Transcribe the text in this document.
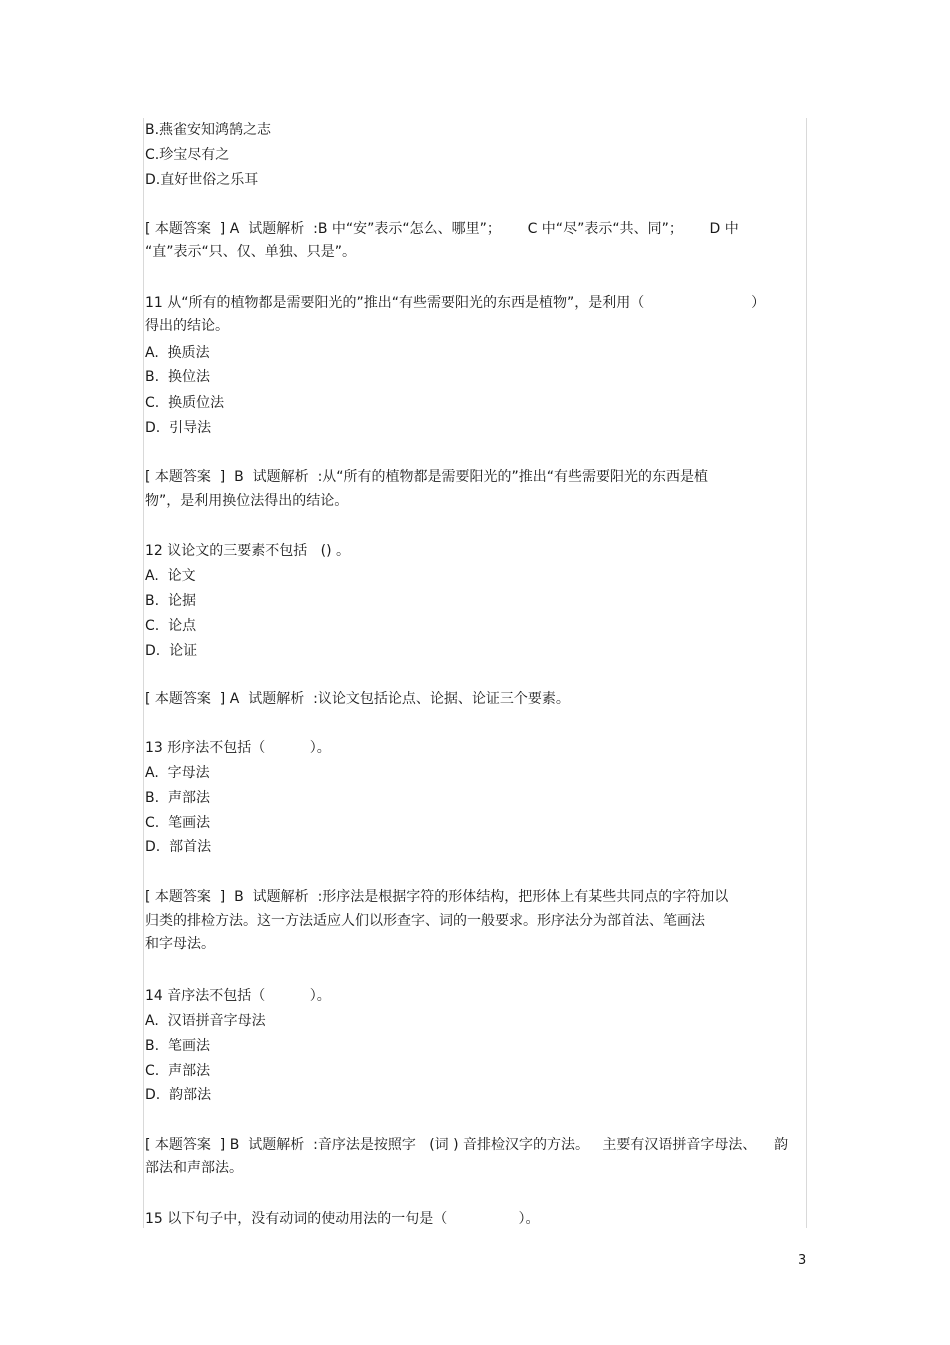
B.燕雀安知鸿鹄之志
C.珍宝尽有之
D.直好世俗之乐耳
[ 本题答案  ] A  试题解析  :B 中“安”表示“怎么、哪里”；      C 中“尽”表示“共、同”；      D 中
“直”表示“只、仅、单独、只是”。
11 从“所有的植物都是需要阳光的”推出“有些需要阳光的东西是植物”，是利用（                        ）
得出的结论。
A.  换质法
B.  换位法
C.  换质位法
D.  引导法
[ 本题答案  ]  B  试题解析  :从“所有的植物都是需要阳光的”推出“有些需要阳光的东西是植
物”，是利用换位法得出的结论。
12 议论文的三要素不包括   () 。
A.  论文
B.  论据
C.  论点
D.  论证
[ 本题答案  ] A  试题解析  :议论文包括论点、论据、论证三个要素。
13 形序法不包括（          ）。
A.  字母法
B.  声部法
C.  笔画法
D.  部首法
[ 本题答案  ]  B  试题解析  :形序法是根据字符的形体结构，把形体上有某些共同点的字符加以
归类的排检方法。这一方法适应人们以形查字、词的一般要求。形序法分为部首法、笔画法
和字母法。
14 音序法不包括（          ）。
A.  汉语拼音字母法
B.  笔画法
C.  声部法
D.  韵部法
[ 本题答案  ] B  试题解析  :音序法是按照字   (词 ) 音排检汉字的方法。   主要有汉语拼音字母法、    韵
部法和声部法。
15 以下句子中，没有动词的使动用法的一句是（                ）。
3
